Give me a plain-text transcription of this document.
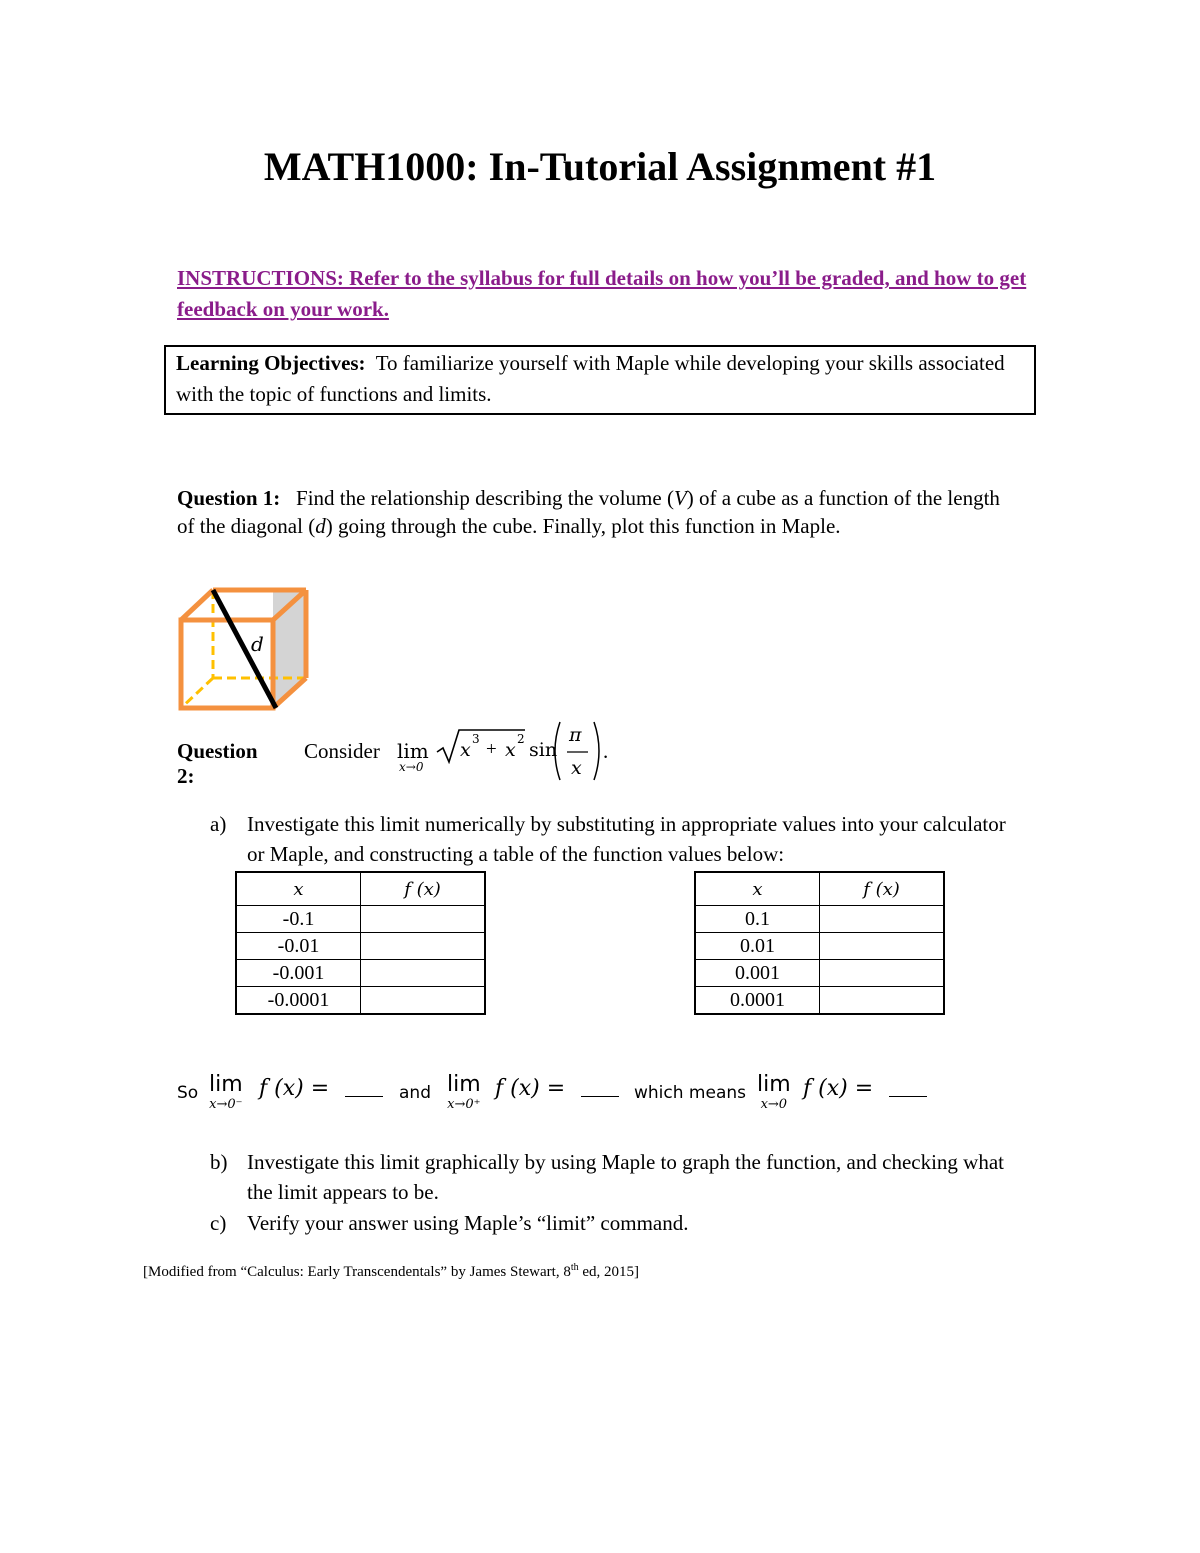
MATH1000: In-Tutorial Assignment #1
INSTRUCTIONS: Refer to the syllabus for full details on how you’ll be graded, and how to get feedback on your work.
Learning Objectives: To familiarize yourself with Maple while developing your skills associated with the topic of functions and limits.
Question 1: Find the relationship describing the volume (V) of a cube as a function of the length of the diagonal (d) going through the cube. Finally, plot this function in Maple.
d
Question 2:
Consider lim
x→0
x 3 + x 2 sin
π
x
.
a) Investigate this limit numerically by substituting in appropriate values into your calculator or Maple, and constructing a table of the function values below:
x	f (x)
-0.1	
-0.01	
-0.001	
-0.0001	
x	f (x)
0.1	
0.01	
0.001	
0.0001	
So lim
x→0⁻
f (x) =	and lim
x→0⁺
f (x) =	which means lim
x→0
f (x) =
b) Investigate this limit graphically by using Maple to graph the function, and checking what the limit appears to be.
c) Verify your answer using Maple’s “limit” command.
[Modified from “Calculus: Early Transcendentals” by James Stewart, 8th ed, 2015]
